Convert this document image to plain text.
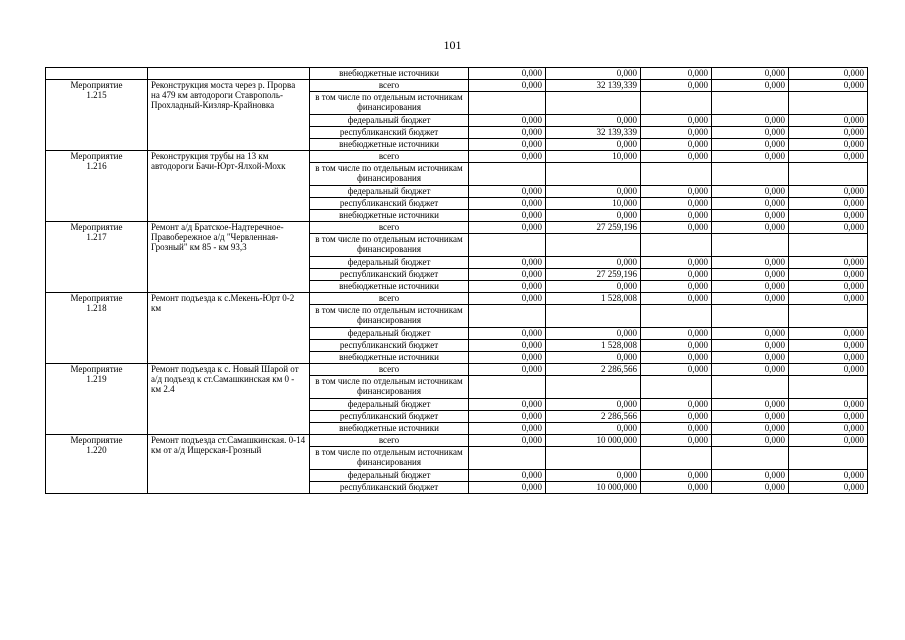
101
		внебюджетные источники	0,000	0,000	0,000	0,000	0,000
Мероприятие
1.215	Реконструкция моста через р. Прорва на 479 км автодороги Ставрополь-Прохладный-Кизляр-Крайновка	всего	0,000	32 139,339	0,000	0,000	0,000
		в том числе по отдельным источникам финансирования					
		федеральный бюджет	0,000	0,000	0,000	0,000	0,000
		республиканский бюджет	0,000	32 139,339	0,000	0,000	0,000
		внебюджетные источники	0,000	0,000	0,000	0,000	0,000
Мероприятие
1.216	Реконструкция трубы на 13 км автодороги Бачи-Юрт-Ялхой-Мохк	всего	0,000	10,000	0,000	0,000	0,000
		в том числе по отдельным источникам финансирования					
		федеральный бюджет	0,000	0,000	0,000	0,000	0,000
		республиканский бюджет	0,000	10,000	0,000	0,000	0,000
		внебюджетные источники	0,000	0,000	0,000	0,000	0,000
Мероприятие
1.217	Ремонт а/д Братское-Надтеречное-Правобережное а/д "Червленная-Грозный" км 85 - км 93,3	всего	0,000	27 259,196	0,000	0,000	0,000
		в том числе по отдельным источникам финансирования					
		федеральный бюджет	0,000	0,000	0,000	0,000	0,000
		республиканский бюджет	0,000	27 259,196	0,000	0,000	0,000
		внебюджетные источники	0,000	0,000	0,000	0,000	0,000
Мероприятие
1.218	Ремонт подъезда к с.Мекень-Юрт 0-2 км	всего	0,000	1 528,008	0,000	0,000	0,000
		в том числе по отдельным источникам финансирования					
		федеральный бюджет	0,000	0,000	0,000	0,000	0,000
		республиканский бюджет	0,000	1 528,008	0,000	0,000	0,000
		внебюджетные источники	0,000	0,000	0,000	0,000	0,000
Мероприятие
1.219	Ремонт подъезда к с. Новый Шарой от а/д подъезд к ст.Самашкинская км 0 - км 2.4	всего	0,000	2 286,566	0,000	0,000	0,000
		в том числе по отдельным источникам финансирования					
		федеральный бюджет	0,000	0,000	0,000	0,000	0,000
		республиканский бюджет	0,000	2 286,566	0,000	0,000	0,000
		внебюджетные источники	0,000	0,000	0,000	0,000	0,000
Мероприятие
1.220	Ремонт подъезда ст.Самашкинская. 0-14 км от а/д Ищерская-Грозный	всего	0,000	10 000,000	0,000	0,000	0,000
		в том числе по отдельным источникам финансирования					
		федеральный бюджет	0,000	0,000	0,000	0,000	0,000
		республиканский бюджет	0,000	10 000,000	0,000	0,000	0,000
